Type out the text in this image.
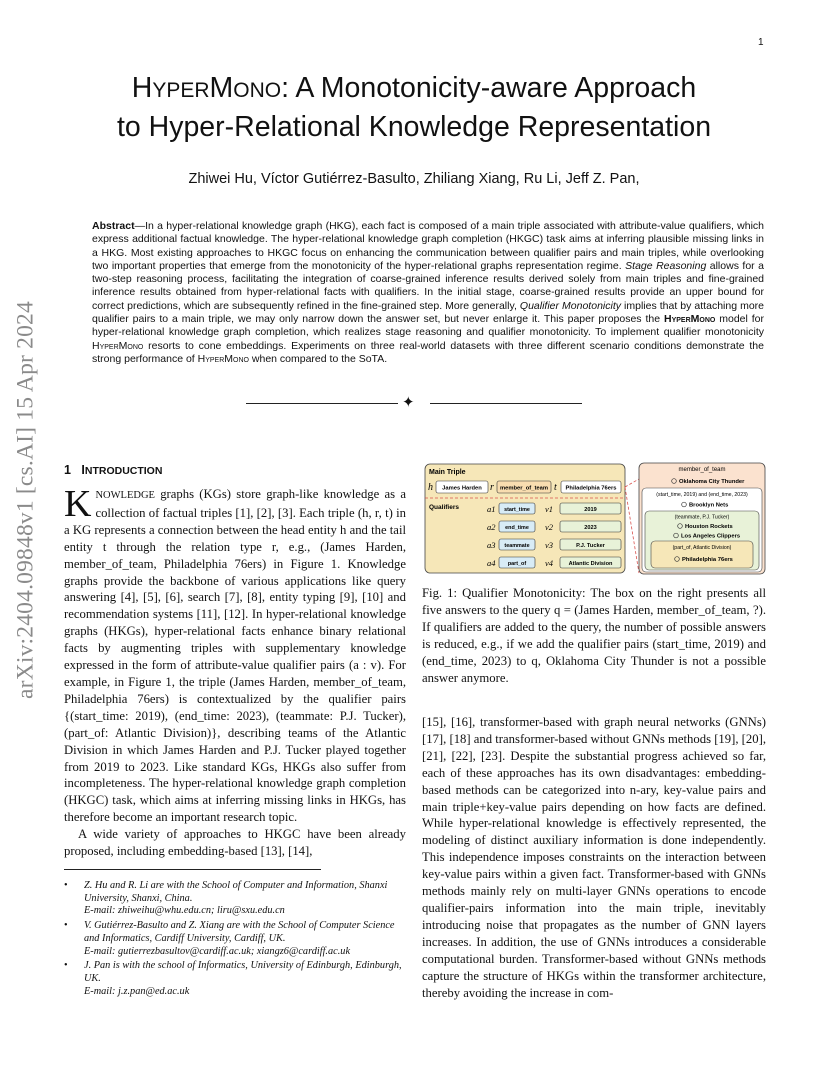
1
arXiv:2404.09848v1 [cs.AI] 15 Apr 2024
HYPERMONO: A Monotonicity-aware Approach
to Hyper-Relational Knowledge Representation
Zhiwei Hu, Víctor Gutiérrez-Basulto, Zhiliang Xiang, Ru Li, Jeff Z. Pan,
Abstract—In a hyper-relational knowledge graph (HKG), each fact is composed of a main triple associated with attribute-value qualifiers, which express additional factual knowledge. The hyper-relational knowledge graph completion (HKGC) task aims at inferring plausible missing links in a HKG. Most existing approaches to HKGC focus on enhancing the communication between qualifier pairs and main triples, while overlooking two important properties that emerge from the monotonicity of the hyper-relational graphs representation regime. Stage Reasoning allows for a two-step reasoning process, facilitating the integration of coarse-grained inference results derived solely from main triples and fine-grained inference results obtained from hyper-relational facts with qualifiers. In the initial stage, coarse-grained results provide an upper bound for correct predictions, which are subsequently refined in the fine-grained step. More generally, Qualifier Monotonicity implies that by attaching more qualifier pairs to a main triple, we may only narrow down the answer set, but never enlarge it. This paper proposes the HyperMono model for hyper-relational knowledge graph completion, which realizes stage reasoning and qualifier monotonicity. To implement qualifier monotonicity HyperMono resorts to cone embeddings. Experiments on three real-world datasets with three different scenario conditions demonstrate the strong performance of HyperMono when compared to the SoTA.
✦
1 INTRODUCTION

KNOWLEDGE graphs (KGs) store graph-like knowledge as a collection of factual triples [1], [2], [3]. Each triple (h, r, t) in a KG represents a connection between the head entity h and the tail entity t through the relation type r, e.g., (James Harden, member_of_team, Philadelphia 76ers) in Figure 1. Knowledge graphs provide the backbone of various applications like query answering [4], [5], [6], search [7], [8], entity typing [9], [10] and recommendation systems [11], [12]. In hyper-relational knowledge graphs (HKGs), hyper-relational facts enhance binary relational facts by augmenting triples with supplementary knowledge expressed in the form of attribute-value qualifier pairs (a : v). For example, in Figure 1, the triple (James Harden, member_of_team, Philadelphia 76ers) is contextualized by the qualifier pairs {(start_time: 2019), (end_time: 2023), (teammate: P.J. Tucker), (part_of: Atlantic Division)}, describing teams of the Atlantic Division in which James Harden and P.J. Tucker played together from 2019 to 2023. Like standard KGs, HKGs also suffer from incompleteness. The hyper-relational knowledge graph completion (HKGC) task, which aims at inferring missing links in HKGs, has therefore become an important research topic.

A wide variety of approaches to HKGC have been already proposed, including embedding-based [13], [14],

• Z. Hu and R. Li are with the School of Computer and Information, Shanxi University, Shanxi, China.
E-mail: zhiweihu@whu.edu.cn; liru@sxu.edu.cn
• V. Gutiérrez-Basulto and Z. Xiang are with the School of Computer Science and Informatics, Cardiff University, Cardiff, UK.
E-mail: gutierrezbasultov@cardiff.ac.uk; xiangz6@cardiff.ac.uk
• J. Pan is with the school of Informatics, University of Edinburgh, Edinburgh, UK.
E-mail: j.z.pan@ed.ac.uk
Main Triple
h James Harden r member_of_team t Philadelphia 76ers
Qualifiers	a1 start_time v1	2019
a2 end_time v2	2023
a3 teammate v3	P.J. Tucker
a4 part_of v4	Atlantic Division
member_of_team
Oklahoma City Thunder
(start_time, 2019) and (end_time, 2023)
Brooklyn Nets
(teammate, P.J. Tucker)
Houston Rockets
Los Angeles Clippers
(part_of, Atlantic Division)
Philadelphia 76ers
Fig. 1: Qualifier Monotonicity: The box on the right presents all five answers to the query q = (James Harden, member_of_team, ?). If qualifiers are added to the query, the number of possible answers is reduced, e.g., if we add the qualifier pairs (start_time, 2019) and (end_time, 2023) to q, Oklahoma City Thunder is not a possible answer anymore.
[15], [16], transformer-based with graph neural networks (GNNs) [17], [18] and transformer-based without GNNs methods [19], [20], [21], [22], [23]. Despite the substantial progress achieved so far, each of these approaches has its own disadvantages: embedding-based methods can be categorized into n-ary, key-value pairs and main triple+key-value pairs depending on how facts are defined. While hyper-relational knowledge is effectively represented, the modeling of distinct auxiliary information is done independently. This independence imposes constraints on the interaction between key-value pairs within a given fact. Transformer-based with GNNs methods mainly rely on multi-layer GNNs operations to encode qualifier-pairs information into the main triple, inevitably introducing noise that propagates as the number of GNN layers increases. In addition, the use of GNNs introduces a considerable computational burden. Transformer-based without GNNs methods capture the structure of HKGs within the transformer architecture, thereby avoiding the increase in com-
